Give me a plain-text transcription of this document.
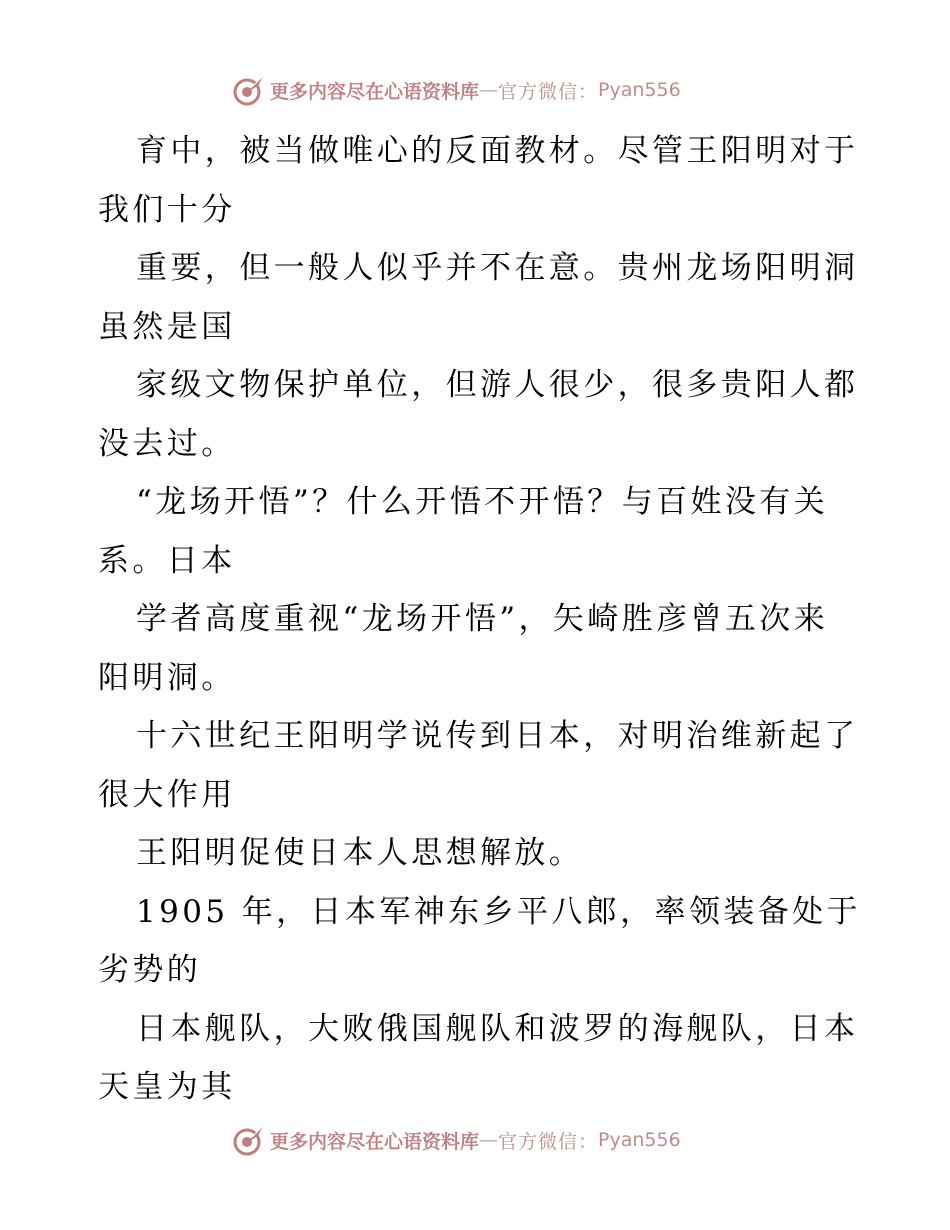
更多内容尽在心语资料库 — 官方微信： Pyan556
育中，被当做唯心的反面教材。尽管王阳明对于
我们十分
重要，但一般人似乎并不在意。贵州龙场阳明洞
虽然是国
家级文物保护单位，但游人很少，很多贵阳人都
没去过。
“龙场开悟”？什么开悟不开悟？与百姓没有关
系。日本
学者高度重视“龙场开悟”，矢崎胜彦曾五次来
阳明洞。
十六世纪王阳明学说传到日本，对明治维新起了
很大作用
王阳明促使日本人思想解放。
1905 年，日本军神东乡平八郎，率领装备处于
劣势的
日本舰队，大败俄国舰队和波罗的海舰队，日本
天皇为其
更多内容尽在心语资料库 — 官方微信： Pyan556
